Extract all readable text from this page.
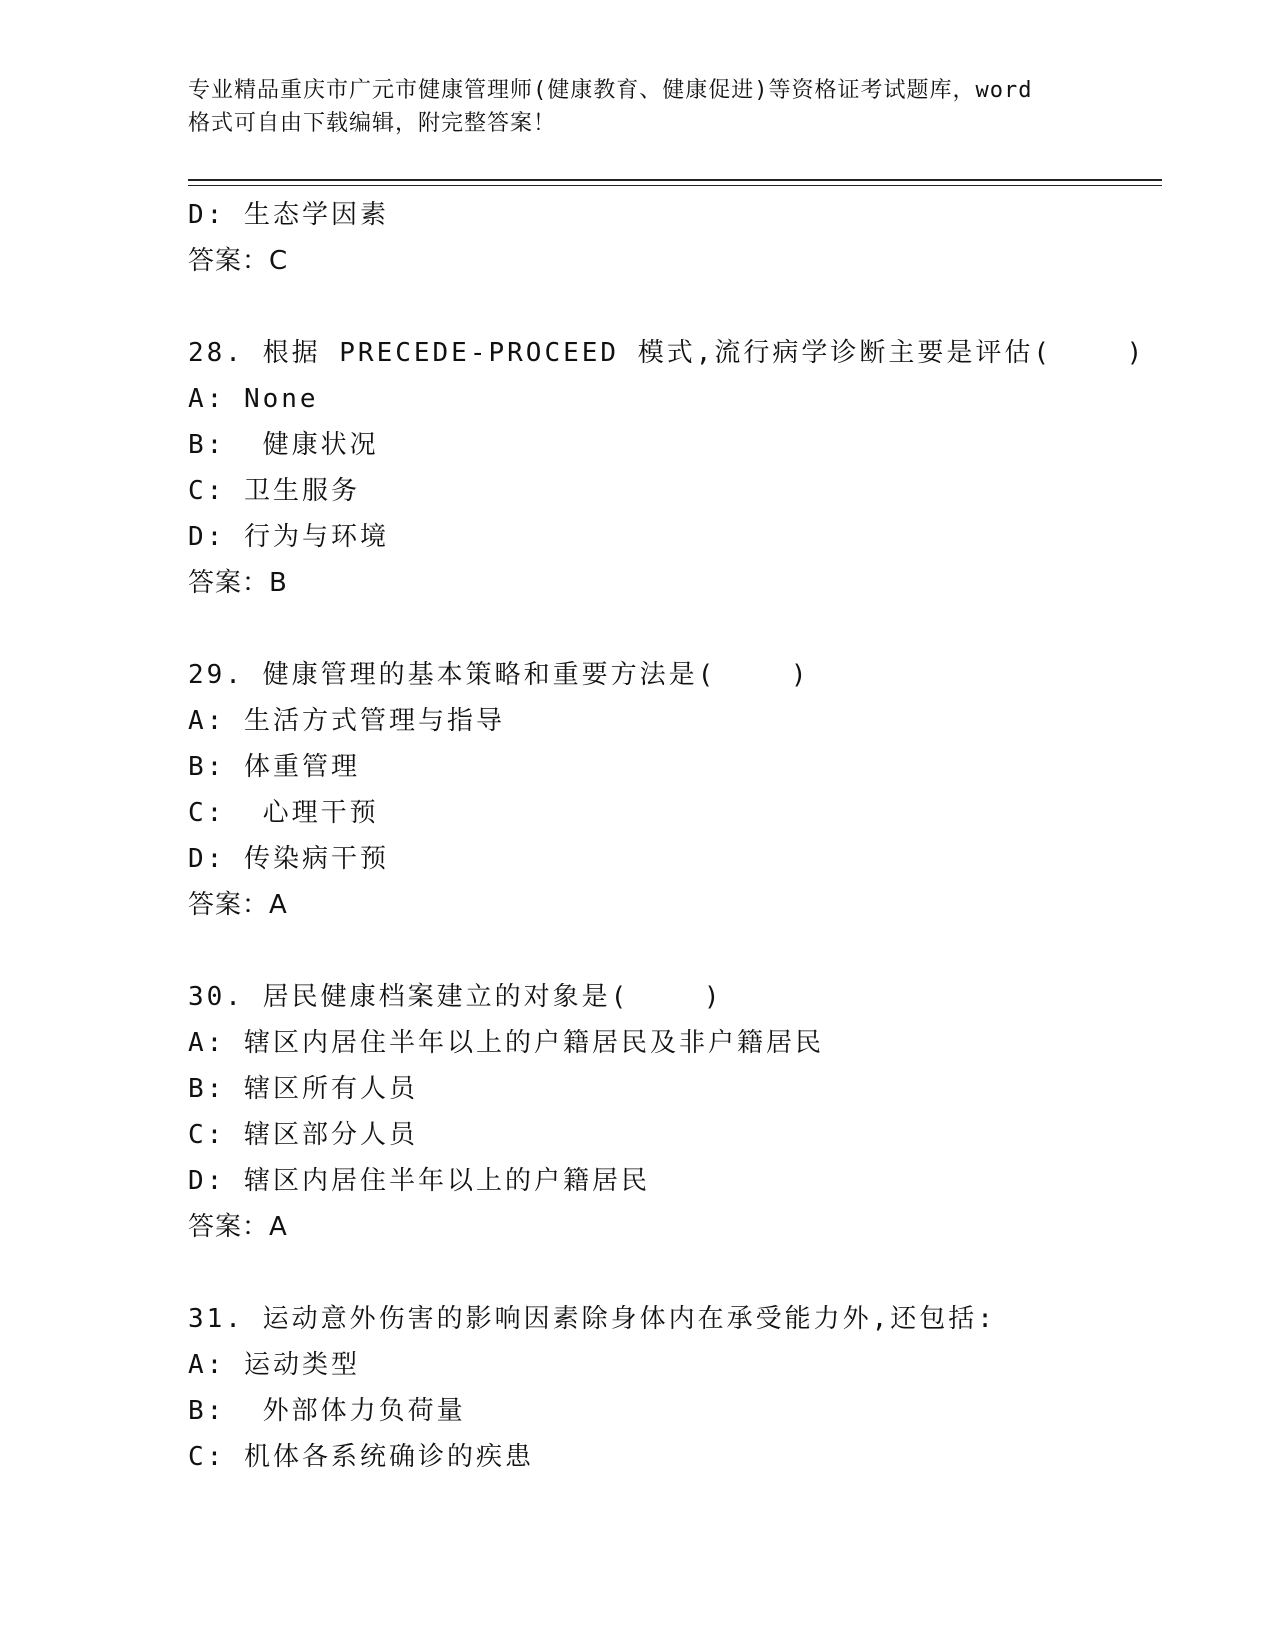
专业精品重庆市广元市健康管理师(健康教育、健康促进)等资格证考试题库，word
格式可自由下载编辑，附完整答案！
D: 生态学因素
答案：C
28. 根据 PRECEDE-PROCEED 模式,流行病学诊断主要是评估(    )
A: None
B:  健康状况
C: 卫生服务
D: 行为与环境
答案：B
29. 健康管理的基本策略和重要方法是(    )
A: 生活方式管理与指导
B: 体重管理
C:  心理干预
D: 传染病干预
答案：A
30. 居民健康档案建立的对象是(    )
A: 辖区内居住半年以上的户籍居民及非户籍居民
B: 辖区所有人员
C: 辖区部分人员
D: 辖区内居住半年以上的户籍居民
答案：A
31. 运动意外伤害的影响因素除身体内在承受能力外,还包括:
A: 运动类型
B:  外部体力负荷量
C: 机体各系统确诊的疾患
